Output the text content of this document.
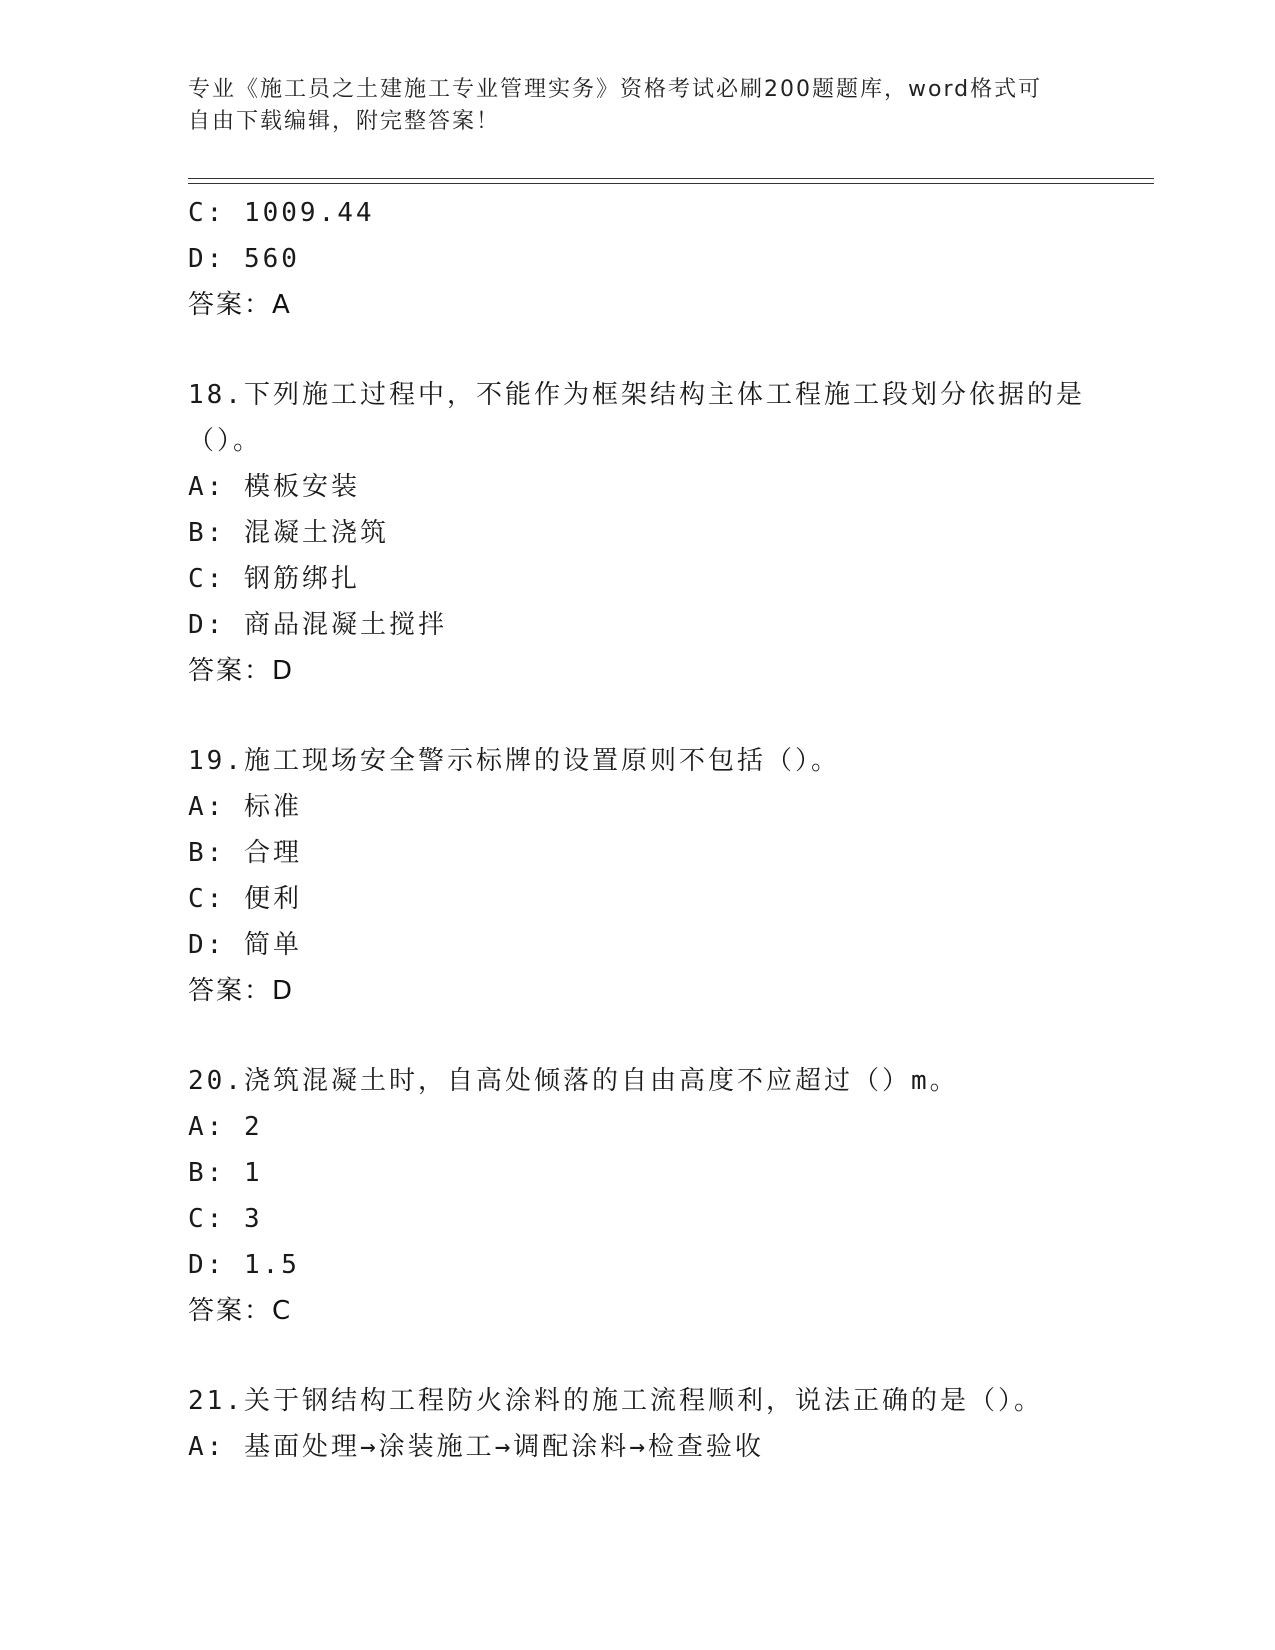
专业《施工员之土建施工专业管理实务》资格考试必刷200题题库，word格式可
自由下载编辑，附完整答案！
C: 1009.44
D: 560
答案：A
18.下列施工过程中，不能作为框架结构主体工程施工段划分依据的是
（）。
A: 模板安装
B: 混凝土浇筑
C: 钢筋绑扎
D: 商品混凝土搅拌
答案：D
19.施工现场安全警示标牌的设置原则不包括（）。
A: 标准
B: 合理
C: 便利
D: 简单
答案：D
20.浇筑混凝土时，自高处倾落的自由高度不应超过（）m。
A: 2
B: 1
C: 3
D: 1.5
答案：C
21.关于钢结构工程防火涂料的施工流程顺利，说法正确的是（）。
A: 基面处理→涂装施工→调配涂料→检查验收
